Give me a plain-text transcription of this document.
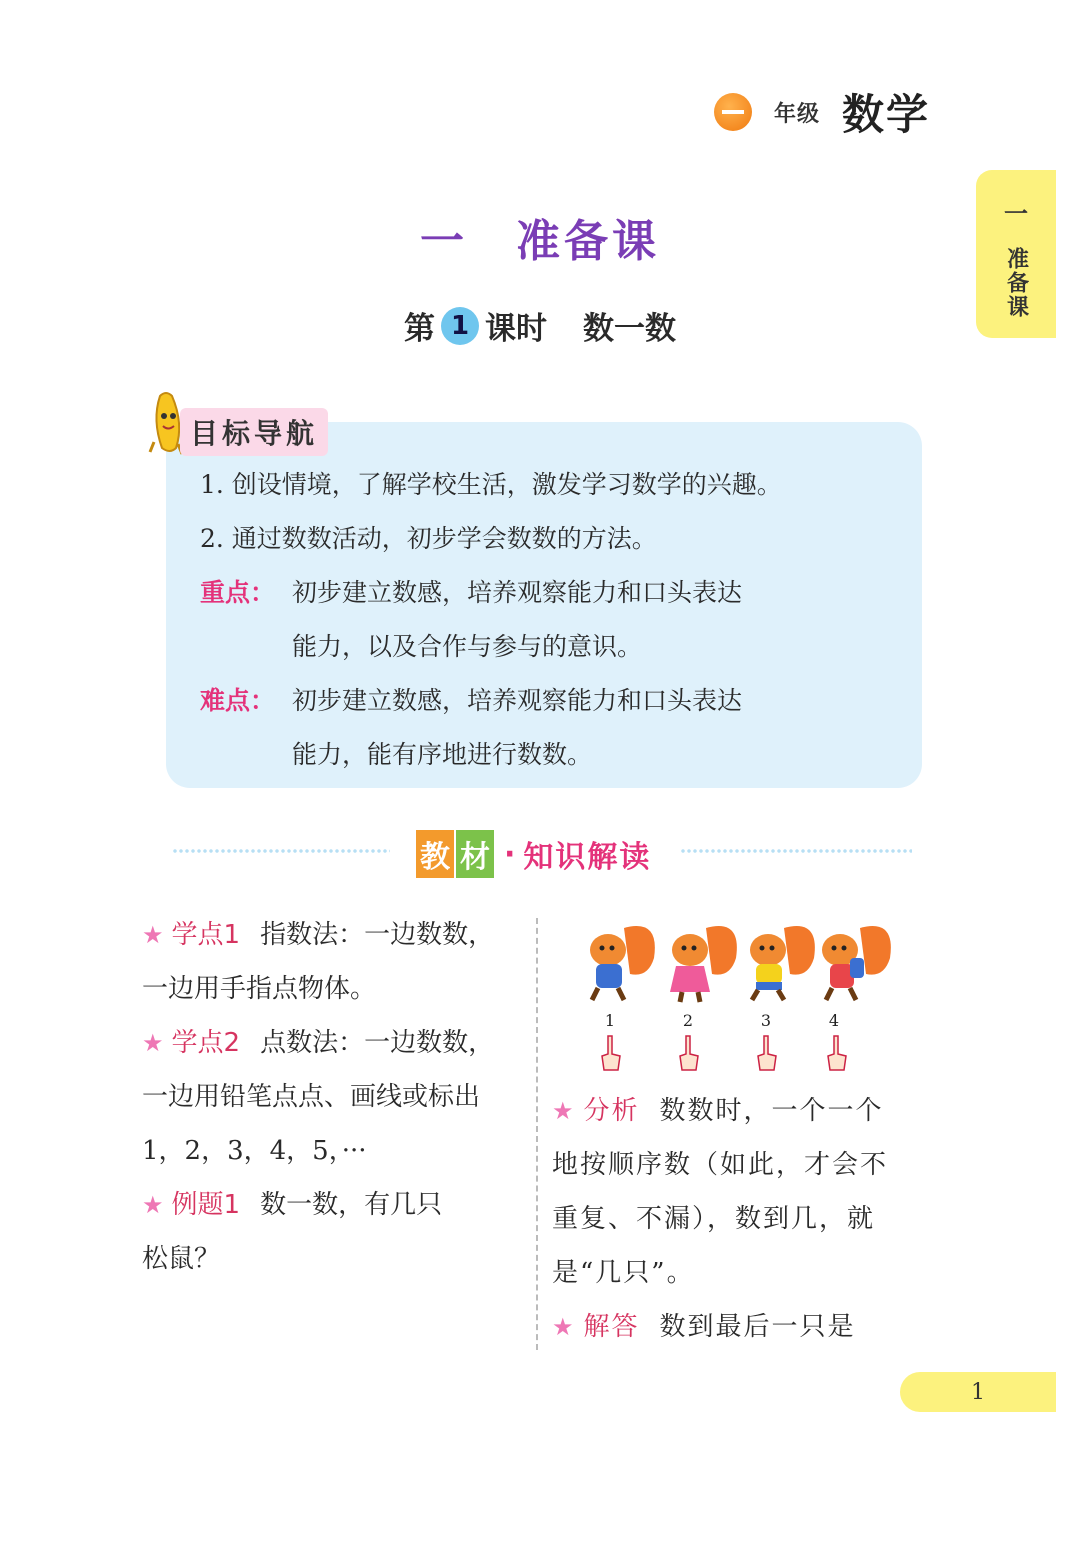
年级 数学
一
准备课
一 准备课
第 1 课时 数一数
目标导航
1. 创设情境，了解学校生活，激发学习数学的兴趣。
2. 通过数数活动，初步学会数数的方法。
重点： 初步建立数感，培养观察能力和口头表达
能力，以及合作与参与的意识。
难点： 初步建立数感，培养观察能力和口头表达
能力，能有序地进行数数。
教 材 · 知识解读
★ 学点1 指数法：一边数数，
一边用手指点物体。
★ 学点2 点数法：一边数数，
一边用铅笔点点、画线或标出
1，2，3，4，5，···
★ 例题1 数一数，有几只
松鼠？
1	2	3	4
★ 分析 数数时，一个一个
地按顺序数（如此，才会不
重复、不漏），数到几，就
是“几只”。
★ 解答 数到最后一只是
1
